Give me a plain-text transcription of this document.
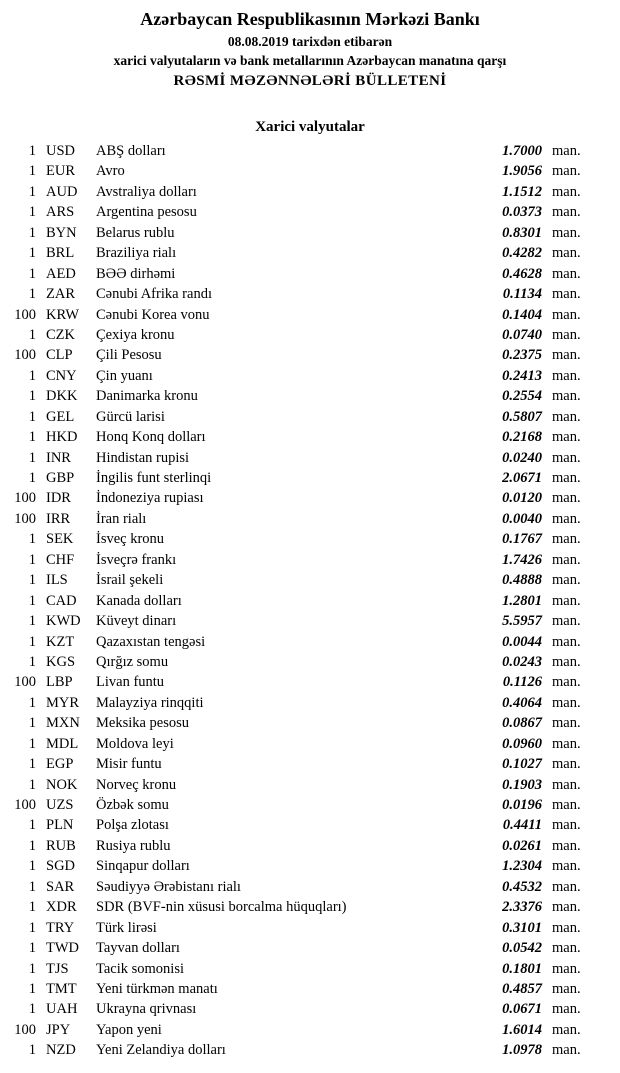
Azərbaycan Respublikasının Mərkəzi Bankı
08.08.2019 tarixdən etibarən
xarici valyutaların və bank metallarının Azərbaycan manatına qarşı
RƏSMİ MƏZƏNNƏLƏRİ BÜLLETENİ
Xarici valyutalar
1 USD	ABŞ dolları	1.7000 man.
1 EUR	Avro	1.9056 man.
1 AUD	Avstraliya dolları	1.1512 man.
1 ARS	Argentina pesosu	0.0373 man.
1 BYN	Belarus rublu	0.8301 man.
1 BRL	Braziliya rialı	0.4282 man.
1 AED	BƏƏ dirhəmi	0.4628 man.
1 ZAR	Cənubi Afrika randı	0.1134 man.
100 KRW	Cənubi Korea vonu	0.1404 man.
1 CZK	Çexiya kronu	0.0740 man.
100 CLP	Çili Pesosu	0.2375 man.
1 CNY	Çin yuanı	0.2413 man.
1 DKK	Danimarka kronu	0.2554 man.
1 GEL	Gürcü larisi	0.5807 man.
1 HKD	Honq Konq dolları	0.2168 man.
1 INR	Hindistan rupisi	0.0240 man.
1 GBP	İngilis funt sterlinqi	2.0671 man.
100 IDR	İndoneziya rupiası	0.0120 man.
100 IRR	İran rialı	0.0040 man.
1 SEK	İsveç kronu	0.1767 man.
1 CHF	İsveçrə frankı	1.7426 man.
1 ILS	İsrail şekeli	0.4888 man.
1 CAD	Kanada dolları	1.2801 man.
1 KWD	Küveyt dinarı	5.5957 man.
1 KZT	Qazaxıstan tengəsi	0.0044 man.
1 KGS	Qırğız somu	0.0243 man.
100 LBP	Livan funtu	0.1126 man.
1 MYR	Malayziya rinqqiti	0.4064 man.
1 MXN	Meksika pesosu	0.0867 man.
1 MDL	Moldova leyi	0.0960 man.
1 EGP	Misir funtu	0.1027 man.
1 NOK	Norveç kronu	0.1903 man.
100 UZS	Özbək somu	0.0196 man.
1 PLN	Polşa zlotası	0.4411 man.
1 RUB	Rusiya rublu	0.0261 man.
1 SGD	Sinqapur dolları	1.2304 man.
1 SAR	Səudiyyə Ərəbistanı rialı	0.4532 man.
1 XDR	SDR (BVF-nin xüsusi borcalma hüquqları)	2.3376 man.
1 TRY	Türk lirəsi	0.3101 man.
1 TWD	Tayvan dolları	0.0542 man.
1 TJS	Tacik somonisi	0.1801 man.
1 TMT	Yeni türkmən manatı	0.4857 man.
1 UAH	Ukrayna qrivnası	0.0671 man.
100 JPY	Yapon yeni	1.6014 man.
1 NZD	Yeni Zelandiya dolları	1.0978 man.
